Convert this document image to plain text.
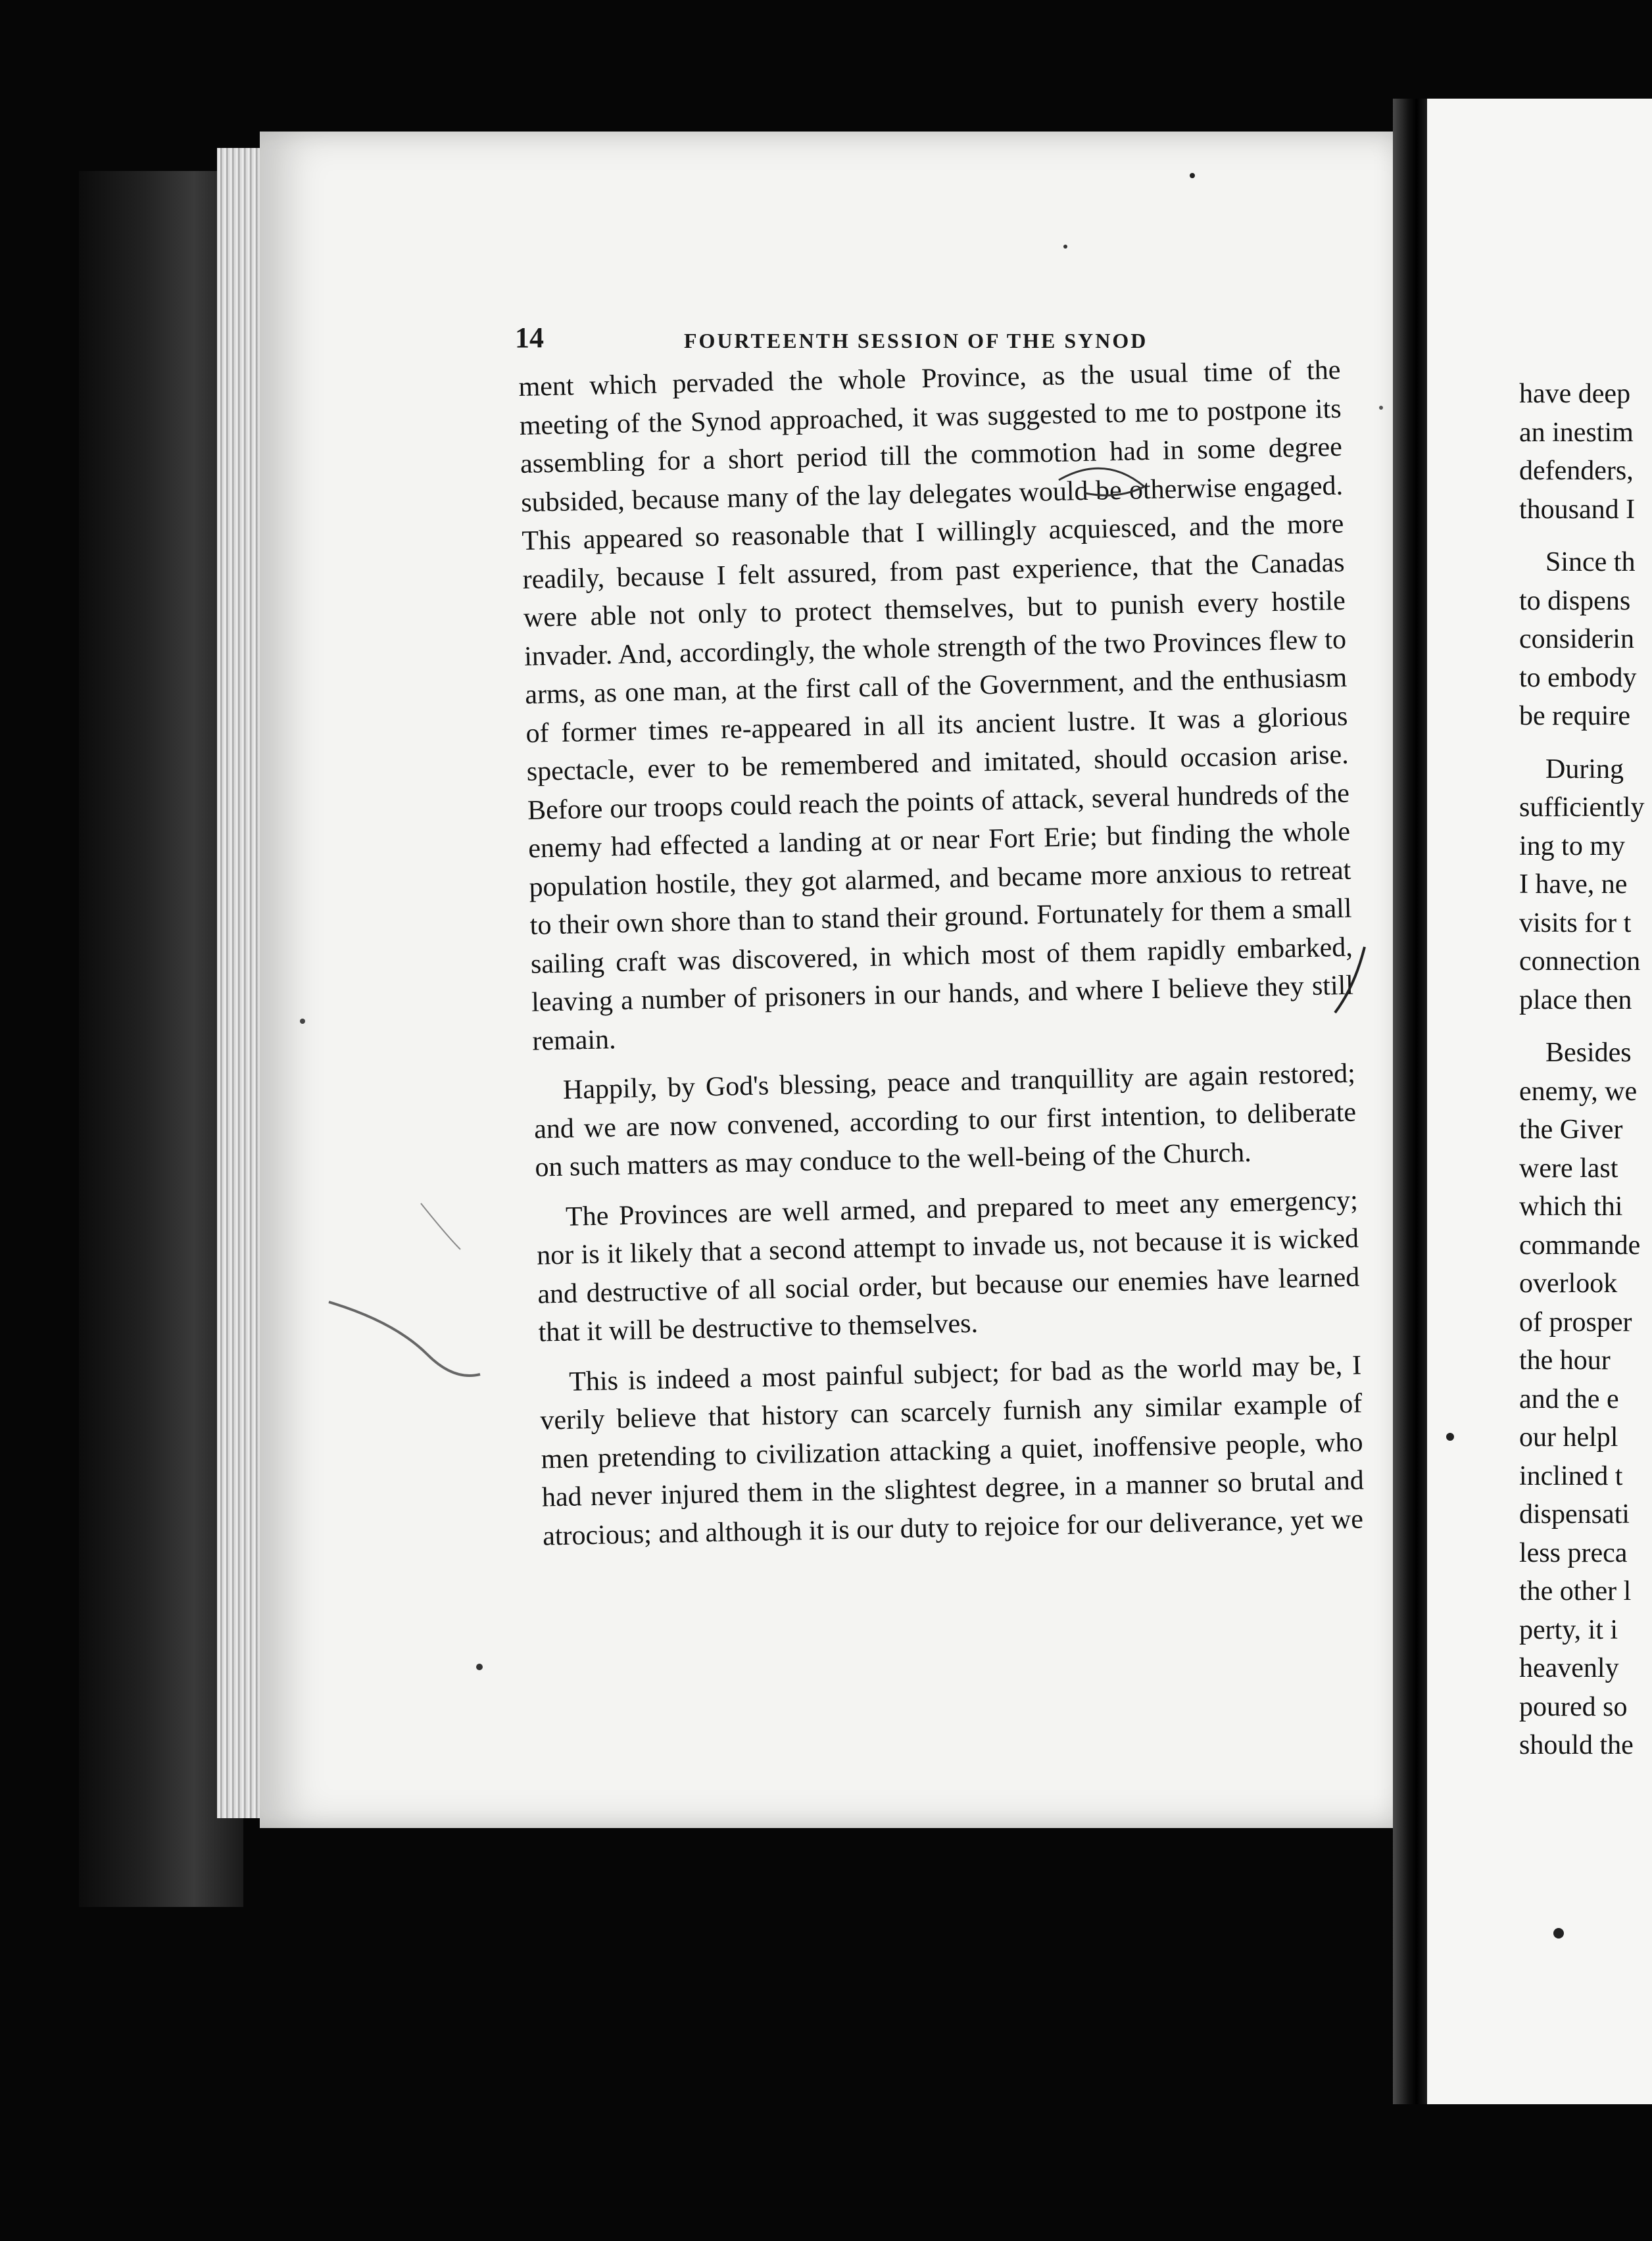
14	FOURTEENTH SESSION OF THE SYNOD

ment which pervaded the whole Province, as the usual time of the meeting of the Synod approached, it was suggested to me to postpone its assembling for a short period till the commotion had in some degree subsided, because many of the lay delegates would be otherwise engaged. This appeared so reasonable that I willingly acquiesced, and the more readily, because I felt assured, from past experience, that the Canadas were able not only to protect themselves, but to punish every hostile invader. And, accordingly, the whole strength of the two Provinces flew to arms, as one man, at the first call of the Government, and the enthusiasm of former times re-appeared in all its ancient lustre. It was a glorious spectacle, ever to be remembered and imitated, should occasion arise. Before our troops could reach the points of attack, several hundreds of the enemy had effected a landing at or near Fort Erie; but finding the whole population hostile, they got alarmed, and became more anxious to retreat to their own shore than to stand their ground. Fortunately for them a small sailing craft was discovered, in which most of them rapidly embarked, leaving a number of prisoners in our hands, and where I believe they still remain.

Happily, by God's blessing, peace and tranquillity are again restored; and we are now convened, according to our first intention, to deliberate on such matters as may conduce to the well-being of the Church.

The Provinces are well armed, and prepared to meet any emergency; nor is it likely that a second attempt to invade us, not because it is wicked and destructive of all social order, but because our enemies have learned that it will be destructive to themselves.

This is indeed a most painful subject; for bad as the world may be, I verily believe that history can scarcely furnish any similar example of men pretending to civilization attacking a quiet, inoffensive people, who had never injured them in the slightest degree, in a manner so brutal and atrocious; and although it is our duty to rejoice for our deliverance, yet we

have deep
an inestim
defenders,
thousand I
Since th
to dispens
considerin
to embody
be require
During
sufficiently
ing to my
I have, ne
visits for t
connection
place then
Besides
enemy, we
the Giver
were last
which thi
commande
overlook
of prosper
the hour
and the e
our helpl
inclined t
dispensati
less preca
the other l
perty, it i
heavenly
poured so
should the
